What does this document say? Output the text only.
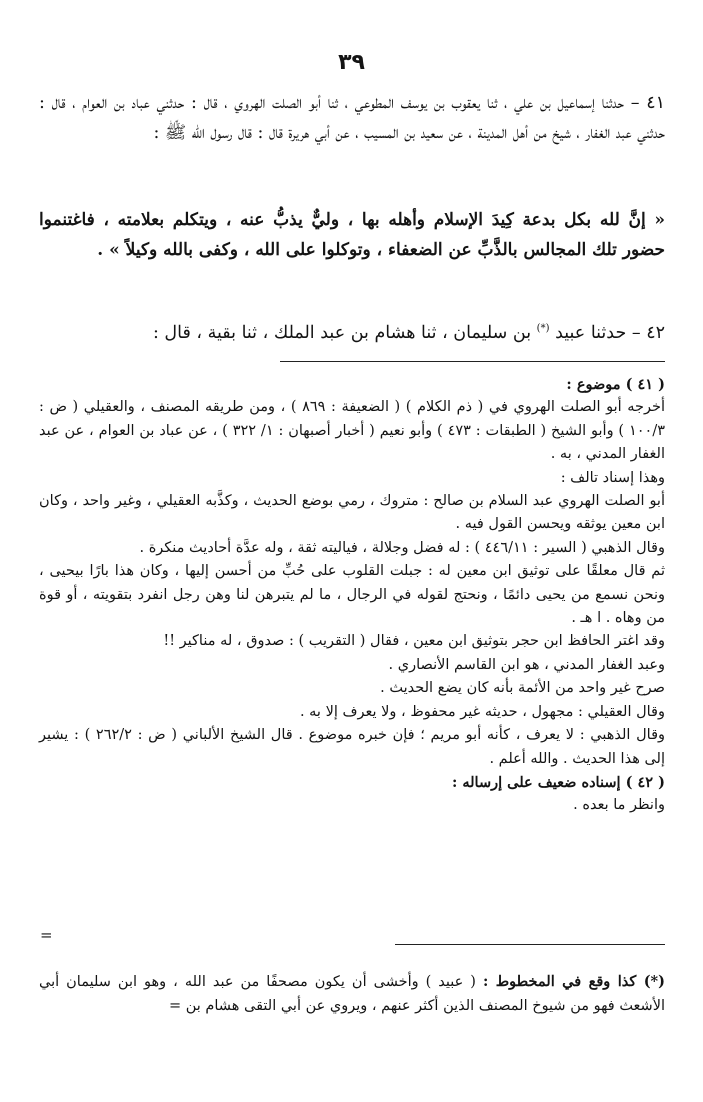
٣٩
٤١ – حدثنا إسماعيل بن علي ، ثنا يعقوب بن يوسف المطوعي ، ثنا أبو الصلت الهروي ، قال : حدثني عباد بن العوام ، قال : حدثني عبد الغفار ، شيخ من أهل المدينة ، عن سعيد بن المسيب ، عن أبي هريرة قال : قال رسول الله ﷺ :
« إنَّ لله بكل بدعة كِيدَ الإسلام وأهله بها ، وليٌّ يذبُّ عنه ، ويتكلم بعلامته ، فاغتنموا حضور تلك المجالس بالذَّبِّ عن الضعفاء ، وتوكلوا على الله ، وكفى بالله وكيلاً » .
٤٢ – حدثنا عبيد (*) بن سليمان ، ثنا هشام بن عبد الملك ، ثنا بقية ، قال :

( ٤١ ) موضوع :

أخرجه أبو الصلت الهروي في ( ذم الكلام ) ( الضعيفة : ٨٦٩ ) ، ومن طريقه المصنف ، والعقيلي ( ض : ١٠٠/٣ ) وأبو الشيخ ( الطبقات : ٤٧٣ ) وأبو نعيم ( أخبار أصبهان : ١/ ٣٢٢ ) ، عن عباد بن العوام ، عن عبد الغفار المدني ، به .

وهذا إسناد تالف :

أبو الصلت الهروي عبد السلام بن صالح : متروك ، رمي بوضع الحديث ، وكذَّبه العقيلي ، وغير واحد ، وكان ابن معين يوثقه ويحسن القول فيه .

وقال الذهبي ( السير : ٤٤٦/١١ ) : له فضل وجلالة ، فياليته ثقة ، وله عدَّة أحاديث منكرة .

ثم قال معلقًا على توثيق ابن معين له : جبلت القلوب على حُبِّ من أحسن إليها ، وكان هذا بارًا بيحيى ، ونحن نسمع من يحيى دائمًا ، ونحتج لقوله في الرجال ، ما لم يتبرهن لنا وهن رجل انفرد بتقويته ، أو قوة من وهاه . ا هـ .

وقد اغتر الحافظ ابن حجر بتوثيق ابن معين ، فقال ( التقريب ) : صدوق ، له مناكير !!

وعبد الغفار المدني ، هو ابن القاسم الأنصاري .

صرح غير واحد من الأئمة بأنه كان يضع الحديث .

وقال العقيلي : مجهول ، حديثه غير محفوظ ، ولا يعرف إلا به .

وقال الذهبي : لا يعرف ، كأنه أبو مريم ؛ فإن خبره موضوع . قال الشيخ الألباني ( ض : ٢٦٢/٢ ) : يشير إلى هذا الحديث . والله أعلم .

( ٤٢ ) إسناده ضعيف على إرساله :

وانظر ما بعده .

=

(*) كذا وقع في المخطوط : ( عبيد ) وأخشى أن يكون مصحفًا من عبد الله ، وهو ابن سليمان أبي الأشعث فهو من شيوخ المصنف الذين أكثر عنهم ، ويروي عن أبي التقى هشام بن =
